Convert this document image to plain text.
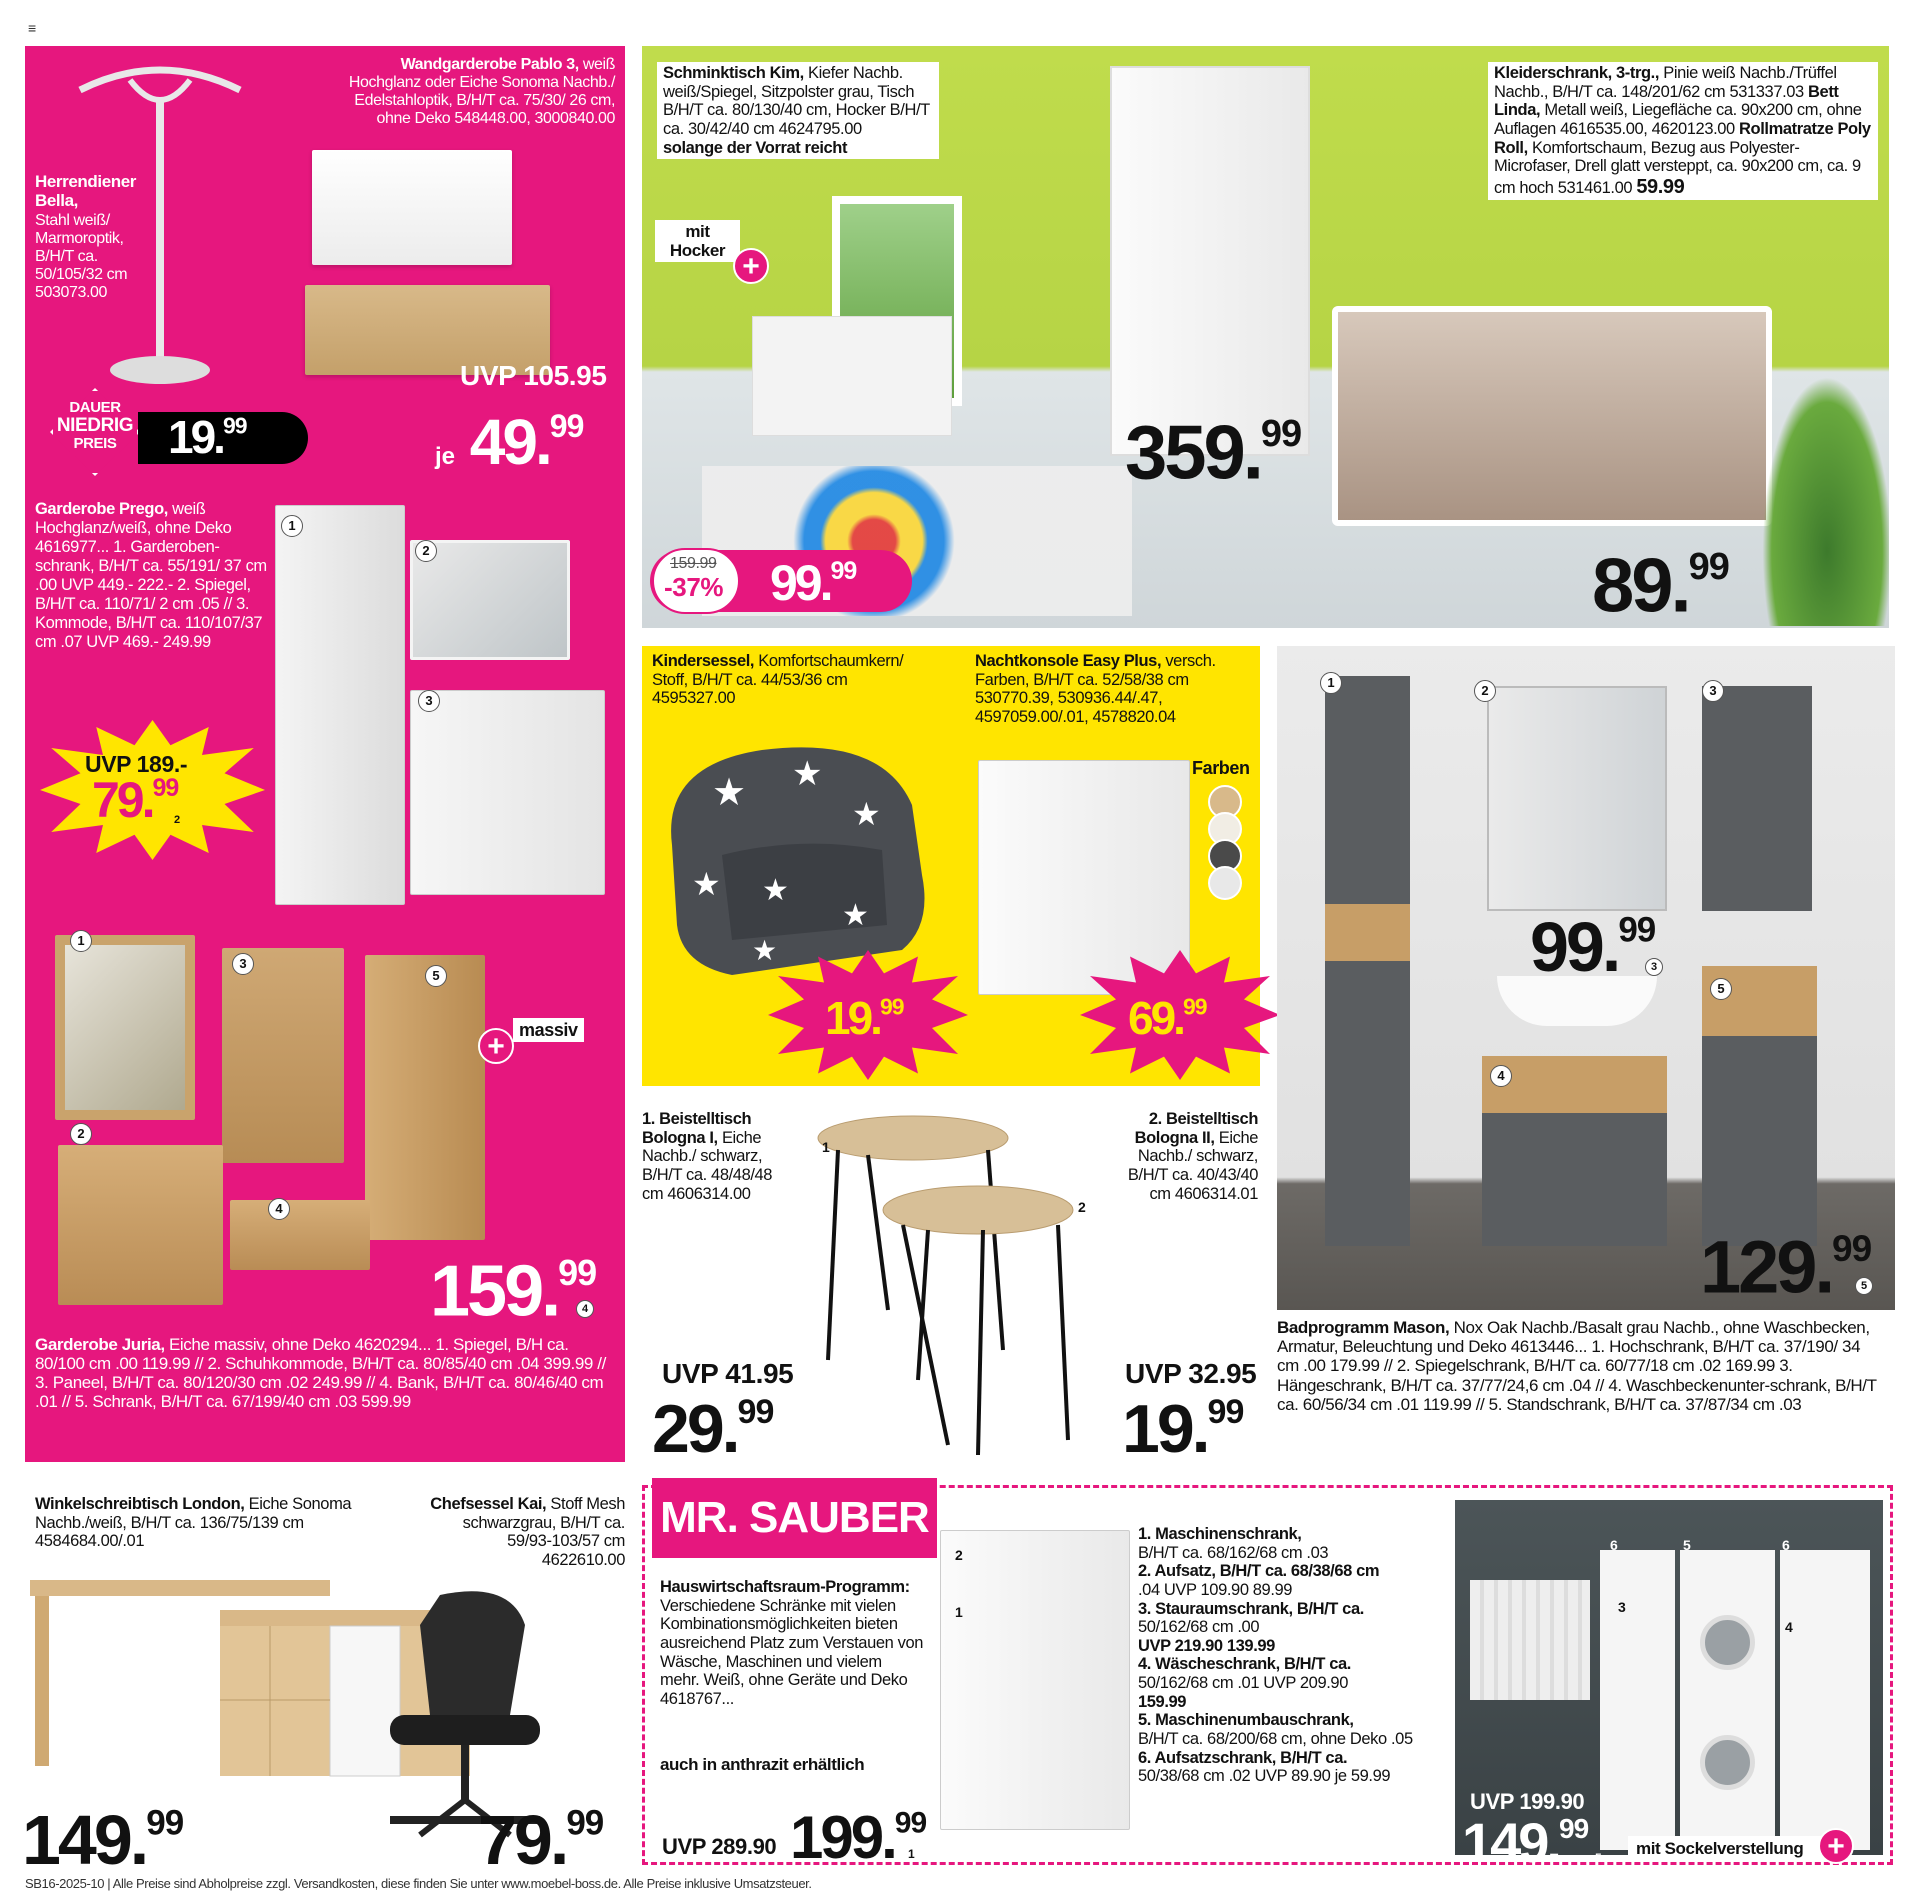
≡
Herrendiener Bella,
Stahl weiß/ Marmoroptik, B/H/T ca. 50/105/32 cm 503073.00
Wandgarderobe Pablo 3, weiß Hochglanz oder Eiche Sonoma Nachb./ Edelstahloptik, B/H/T ca. 75/30/ 26 cm, ohne Deko 548448.00, 3000840.00
UVP 105.95
je 49.99
DAUER
NIEDRIG
PREIS	19.99
Garderobe Prego, weiß Hochglanz/weiß, ohne Deko 4616977... 1. Garderoben-schrank, B/H/T ca. 55/191/ 37 cm .00 UVP 449.- 222.- 2. Spiegel, B/H/T ca. 110/71/ 2 cm .05 // 3. Kommode, B/H/T ca. 110/107/37 cm .07 UVP 469.- 249.99
1
2
3
UVP 189.-
79.99
2
1
2
3
4
5
+ massiv
159.99
4
Garderobe Juria, Eiche massiv, ohne Deko 4620294... 1. Spiegel, B/H ca. 80/100 cm .00 119.99 // 2. Schuhkommode, B/H/T ca. 80/85/40 cm .04 399.99 // 3. Paneel, B/H/T ca. 80/120/30 cm .02 249.99 // 4. Bank, B/H/T ca. 80/46/40 cm .01 // 5. Schrank, B/H/T ca. 67/199/40 cm .03 599.99
Schminktisch Kim, Kiefer Nachb. weiß/Spiegel, Sitzpolster grau, Tisch B/H/T ca. 80/130/40 cm, Hocker B/H/T ca. 30/42/40 cm 4624795.00
solange der Vorrat reicht
mit Hocker +
159.99
-37% 99.99
Kleiderschrank, 3-trg., Pinie weiß Nachb./Trüffel Nachb., B/H/T ca. 148/201/62 cm 531337.03 Bett Linda, Metall weiß, Liegefläche ca. 90x200 cm, ohne Auflagen 4616535.00, 4620123.00 Rollmatratze Poly Roll, Komfortschaum, Bezug aus Polyester-Microfaser, Drell glatt versteppt, ca. 90x200 cm, ca. 9 cm hoch 531461.00 59.99
359.99
89.99
Kindersessel, Komfortschaumkern/ Stoff, B/H/T ca. 44/53/36 cm 4595327.00
Nachtkonsole Easy Plus, versch. Farben, B/H/T ca. 52/58/38 cm 530770.39, 530936.44/.47, 4597059.00/.01, 4578820.04
★ ★
★
★ ★
★
★
Farben
19.99	69.99
1. Beistelltisch Bologna I, Eiche Nachb./ schwarz, B/H/T ca. 48/48/48 cm 4606314.00
2. Beistelltisch Bologna II, Eiche Nachb./ schwarz, B/H/T ca. 40/43/40 cm 4606314.01
1
2
UVP 41.95
29.99
UVP 32.95
19.99
1
2	3
4
5
99.99
3
129.99
5
Badprogramm Mason, Nox Oak Nachb./Basalt grau Nachb., ohne Waschbecken, Armatur, Beleuchtung und Deko 4613446... 1. Hochschrank, B/H/T ca. 37/190/ 34 cm .00 179.99 // 2. Spiegelschrank, B/H/T ca. 60/77/18 cm .02 169.99 3. Hängeschrank, B/H/T ca. 37/77/24,6 cm .04 // 4. Waschbeckenunter-schrank, B/H/T ca. 60/56/34 cm .01 119.99 // 5. Standschrank, B/H/T ca. 37/87/34 cm .03
Winkelschreibtisch London, Eiche Sonoma Nachb./weiß, B/H/T ca. 136/75/139 cm 4584684.00/.01
Chefsessel Kai, Stoff Mesh schwarzgrau, B/H/T ca. 59/93-103/57 cm 4622610.00
149.99	79.99
MR. SAUBER
Hauswirtschaftsraum-Programm: Verschiedene Schränke mit vielen Kombinationsmöglichkeiten bieten ausreichend Platz zum Verstauen von Wäsche, Maschinen und vielem mehr. Weiß, ohne Geräte und Deko 4618767...
auch in anthrazit erhältlich
2
1
UVP 289.90 199.99
1
1. Maschinenschrank,
B/H/T ca. 68/162/68 cm .03
2. Aufsatz, B/H/T ca. 68/38/68 cm
.04 UVP 109.90 89.99
3. Stauraumschrank, B/H/T ca.
50/162/68 cm .00
UVP 219.90 139.99
4. Wäscheschrank, B/H/T ca.
50/162/68 cm .01 UVP 209.90
159.99
5. Maschinenumbauschrank,
B/H/T ca. 68/200/68 cm, ohne Deko .05
6. Aufsatzschrank, B/H/T ca.
50/38/68 cm .02 UVP 89.90 je 59.99
6	5	6
3
4
UVP 199.90
149.99
5	mit Sockelverstellung +
SB16-2025-10 | Alle Preise sind Abholpreise zzgl. Versandkosten, diese finden Sie unter www.moebel-boss.de. Alle Preise inklusive Umsatzsteuer.
